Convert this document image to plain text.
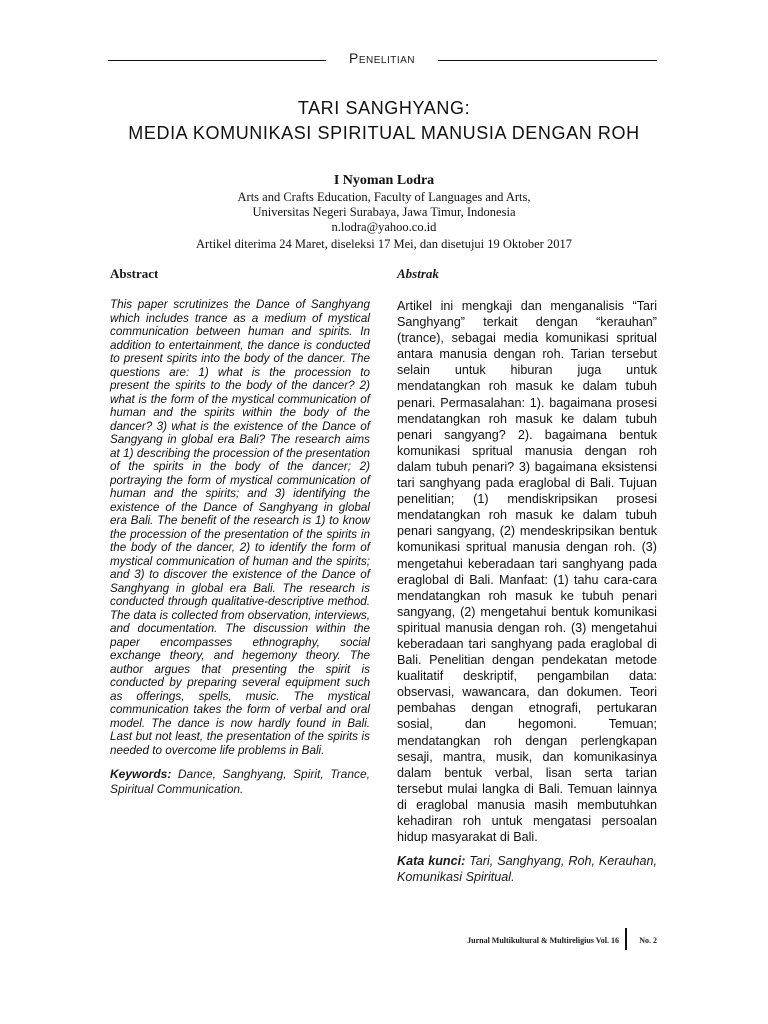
Penelitian
TARI SANGHYANG:
MEDIA KOMUNIKASI SPIRITUAL MANUSIA DENGAN ROH
I Nyoman Lodra
Arts and Crafts Education, Faculty of Languages and Arts,
Universitas Negeri Surabaya, Jawa Timur, Indonesia
n.lodra@yahoo.co.id
Artikel diterima 24 Maret, diseleksi 17 Mei, dan disetujui 19 Oktober 2017
Abstract

This paper scrutinizes the Dance of Sanghyang which includes trance as a medium of mystical communication between human and spirits. In addition to entertainment, the dance is conducted to present spirits into the body of the dancer. The questions are: 1) what is the procession to present the spirits to the body of the dancer? 2) what is the form of the mystical communication of human and the spirits within the body of the dancer? 3) what is the existence of the Dance of Sangyang in global era Bali? The research aims at 1) describing the procession of the presentation of the spirits in the body of the dancer; 2) portraying the form of mystical communication of human and the spirits; and 3) identifying the existence of the Dance of Sanghyang in global era Bali. The benefit of the research is 1) to know the procession of the presentation of the spirits in the body of the dancer, 2) to identify the form of mystical communication of human and the spirits; and 3) to discover the existence of the Dance of Sanghyang in global era Bali. The research is conducted through qualitative-descriptive method. The data is collected from observation, interviews, and documentation. The discussion within the paper encompasses ethnography, social exchange theory, and hegemony theory. The author argues that presenting the spirit is conducted by preparing several equipment such as offerings, spells, music. The mystical communication takes the form of verbal and oral model. The dance is now hardly found in Bali. Last but not least, the presentation of the spirits is needed to overcome life problems in Bali.

Keywords: Dance, Sanghyang, Spirit, Trance, Spiritual Communication.
Abstrak

Artikel ini mengkaji dan menganalisis “Tari Sanghyang” terkait dengan “kerauhan” (trance), sebagai media komunikasi spritual antara manusia dengan roh. Tarian tersebut selain untuk hiburan juga untuk mendatangkan roh masuk ke dalam tubuh penari. Permasalahan: 1). bagaimana prosesi mendatangkan roh masuk ke dalam tubuh penari sangyang? 2). bagaimana bentuk komunikasi spritual manusia dengan roh dalam tubuh penari? 3) bagaimana eksistensi tari sanghyang pada eraglobal di Bali. Tujuan penelitian; (1) mendiskripsikan prosesi mendatangkan roh masuk ke dalam tubuh penari sangyang, (2) mendeskripsikan bentuk komunikasi spritual manusia dengan roh. (3) mengetahui keberadaan tari sanghyang pada eraglobal di Bali. Manfaat: (1) tahu cara-cara mendatangkan roh masuk ke tubuh penari sangyang, (2) mengetahui bentuk komunikasi spiritual manusia dengan roh. (3) mengetahui keberadaan tari sanghyang pada eraglobal di Bali. Penelitian dengan pendekatan metode kualitatif deskriptif, pengambilan data: observasi, wawancara, dan dokumen. Teori pembahas dengan etnografi, pertukaran sosial, dan hegomoni. Temuan; mendatangkan roh dengan perlengkapan sesaji, mantra, musik, dan komunikasinya dalam bentuk verbal, lisan serta tarian tersebut mulai langka di Bali. Temuan lainnya di eraglobal manusia masih membutuhkan kehadiran roh untuk mengatasi persoalan hidup masyarakat di Bali.

Kata kunci: Tari, Sanghyang, Roh, Kerauhan, Komunikasi Spiritual.
Jurnal Multikultural & Multireligius Vol. 16	No. 2
